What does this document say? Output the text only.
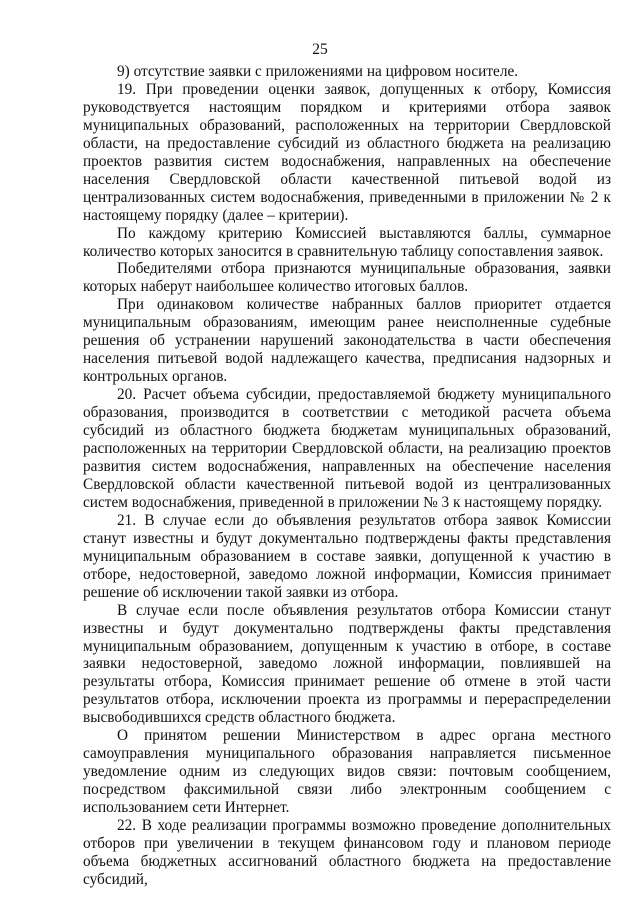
25

9) отсутствие заявки с приложениями на цифровом носителе.

19. При проведении оценки заявок, допущенных к отбору, Комиссия руководствуется настоящим порядком и критериями отбора заявок муниципальных образований, расположенных на территории Свердловской области, на предоставление субсидий из областного бюджета на реализацию проектов развития систем водоснабжения, направленных на обеспечение населения Свердловской области качественной питьевой водой из централизованных систем водоснабжения, приведенными в приложении № 2 к настоящему порядку (далее – критерии).

По каждому критерию Комиссией выставляются баллы, суммарное количество которых заносится в сравнительную таблицу сопоставления заявок.

Победителями отбора признаются муниципальные образования, заявки которых наберут наибольшее количество итоговых баллов.

При одинаковом количестве набранных баллов приоритет отдается муниципальным образованиям, имеющим ранее неисполненные судебные решения об устранении нарушений законодательства в части обеспечения населения питьевой водой надлежащего качества, предписания надзорных и контрольных органов.

20. Расчет объема субсидии, предоставляемой бюджету муниципального образования, производится в соответствии с методикой расчета объема субсидий из областного бюджета бюджетам муниципальных образований, расположенных на территории Свердловской области, на реализацию проектов развития систем водоснабжения, направленных на обеспечение населения Свердловской области качественной питьевой водой из централизованных систем водоснабжения, приведенной в приложении № 3 к настоящему порядку.

21. В случае если до объявления результатов отбора заявок Комиссии станут известны и будут документально подтверждены факты представления муниципальным образованием в составе заявки, допущенной к участию в отборе, недостоверной, заведомо ложной информации, Комиссия принимает решение об исключении такой заявки из отбора.

В случае если после объявления результатов отбора Комиссии станут известны и будут документально подтверждены факты представления муниципальным образованием, допущенным к участию в отборе, в составе заявки недостоверной, заведомо ложной информации, повлиявшей на результаты отбора, Комиссия принимает решение об отмене в этой части результатов отбора, исключении проекта из программы и перераспределении высвободившихся средств областного бюджета.

О принятом решении Министерством в адрес органа местного самоуправления муниципального образования направляется письменное уведомление одним из следующих видов связи: почтовым сообщением, посредством факсимильной связи либо электронным сообщением с использованием сети Интернет.

22. В ходе реализации программы возможно проведение дополнительных отборов при увеличении в текущем финансовом году и плановом периоде объема бюджетных ассигнований областного бюджета на предоставление субсидий,
